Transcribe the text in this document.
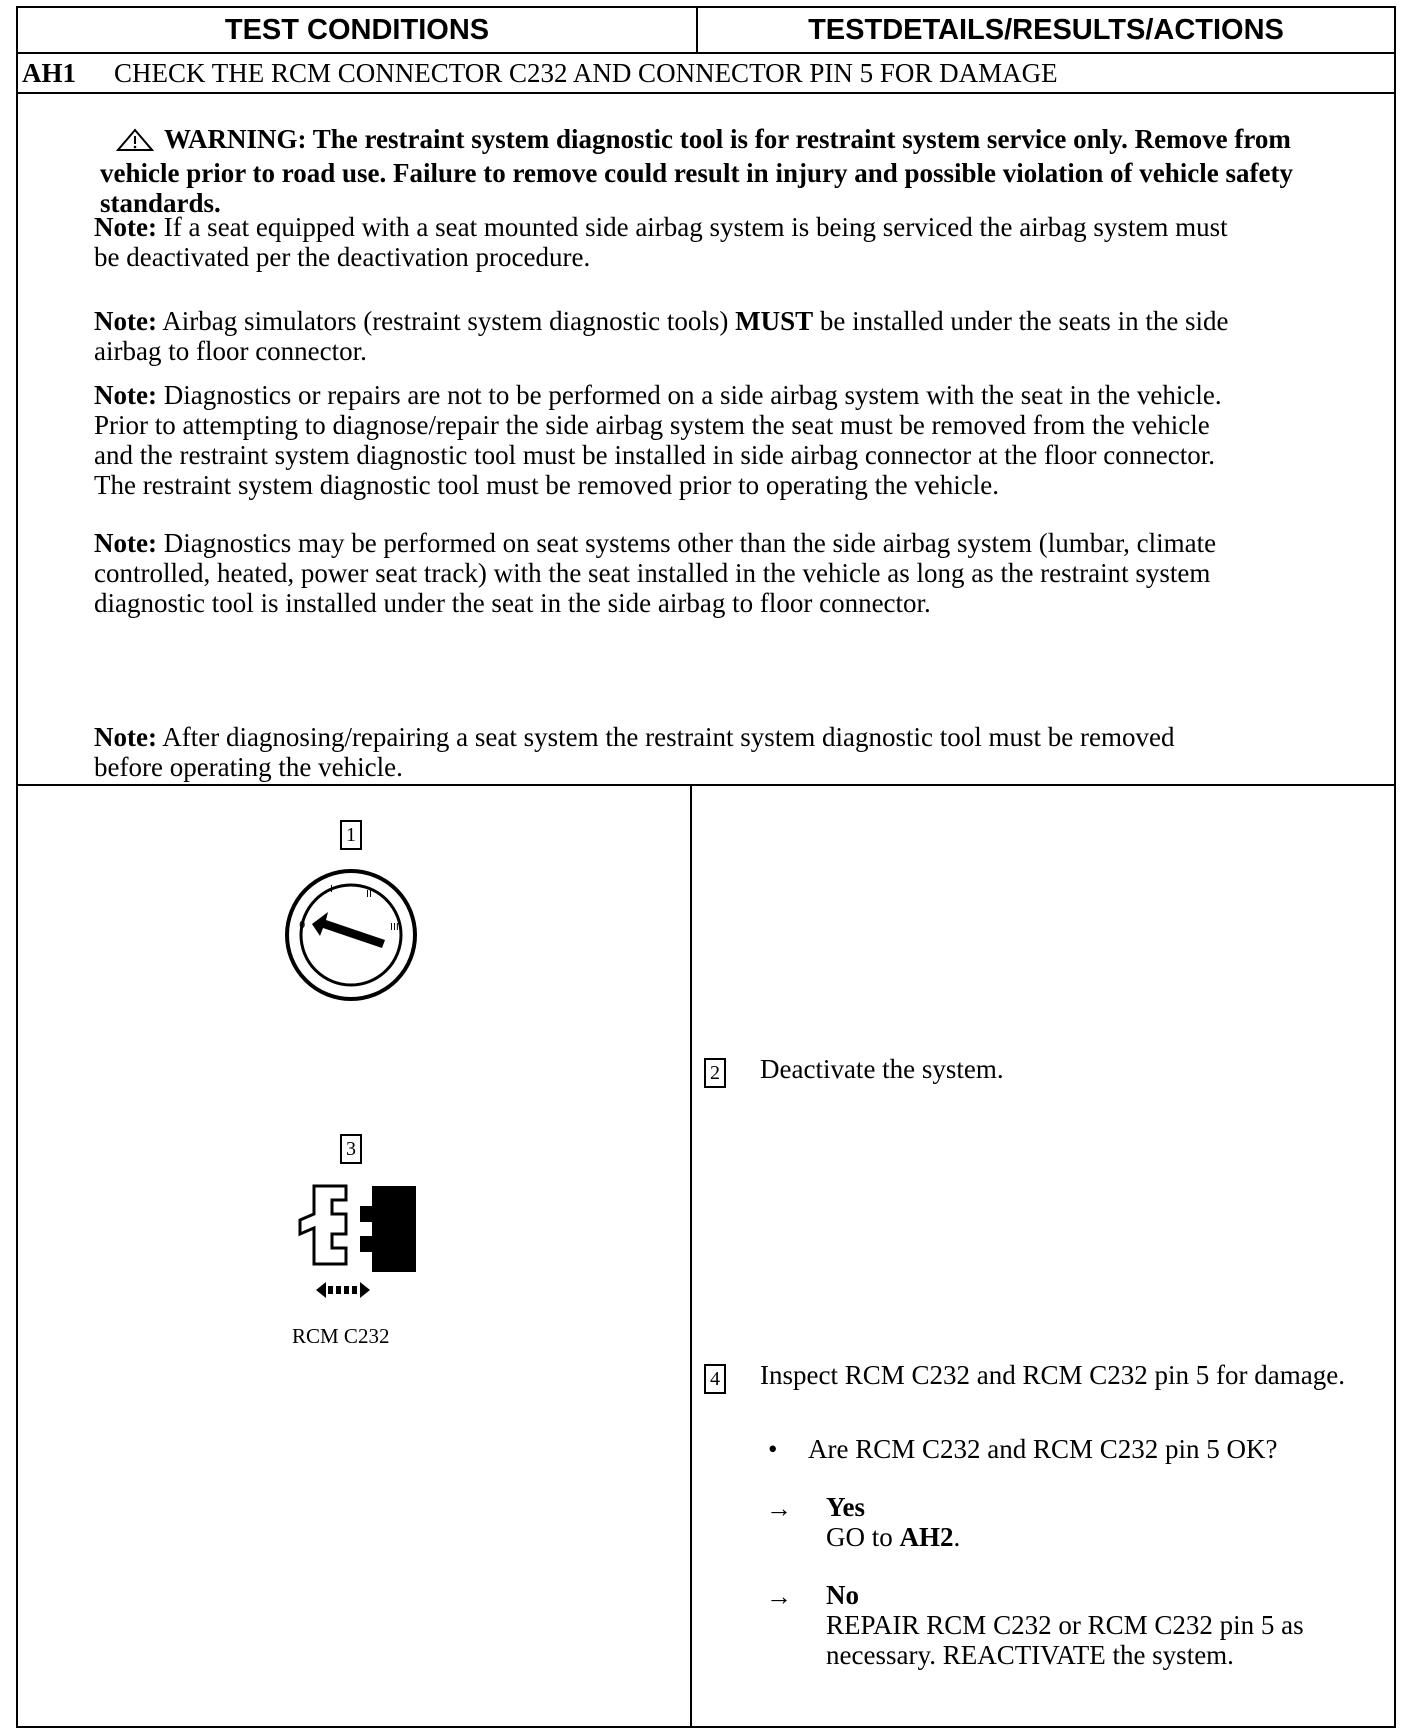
TEST CONDITIONS	TESTDETAILS/RESULTS/ACTIONS
AH1 CHECK THE RCM CONNECTOR C232 AND CONNECTOR PIN 5 FOR DAMAGE

WARNING: The restraint system diagnostic tool is for restraint system service only. Remove from vehicle prior to road use. Failure to remove could result in injury and possible violation of vehicle safety standards.

Note: If a seat equipped with a seat mounted side airbag system is being serviced the airbag system must be deactivated per the deactivation procedure.

Note: Airbag simulators (restraint system diagnostic tools) MUST be installed under the seats in the side airbag to floor connector.

Note: Diagnostics or repairs are not to be performed on a side airbag system with the seat in the vehicle. Prior to attempting to diagnose/repair the side airbag system the seat must be removed from the vehicle and the restraint system diagnostic tool must be installed in side airbag connector at the floor connector. The restraint system diagnostic tool must be removed prior to operating the vehicle.

Note: Diagnostics may be performed on seat systems other than the side airbag system (lumbar, climate controlled, heated, power seat track) with the seat installed in the vehicle as long as the restraint system diagnostic tool is installed under the seat in the side airbag to floor connector.

Note: After diagnosing/repairing a seat system the restraint system diagnostic tool must be removed before operating the vehicle.

1
0
I	II
III
3
RCM C232
2 Deactivate the system.
4 Inspect RCM C232 and RCM C232 pin 5 for damage.
• Are RCM C232 and RCM C232 pin 5 OK?
→ Yes
GO to AH2.
→ No
REPAIR RCM C232 or RCM C232 pin 5 as necessary. REACTIVATE the system.
